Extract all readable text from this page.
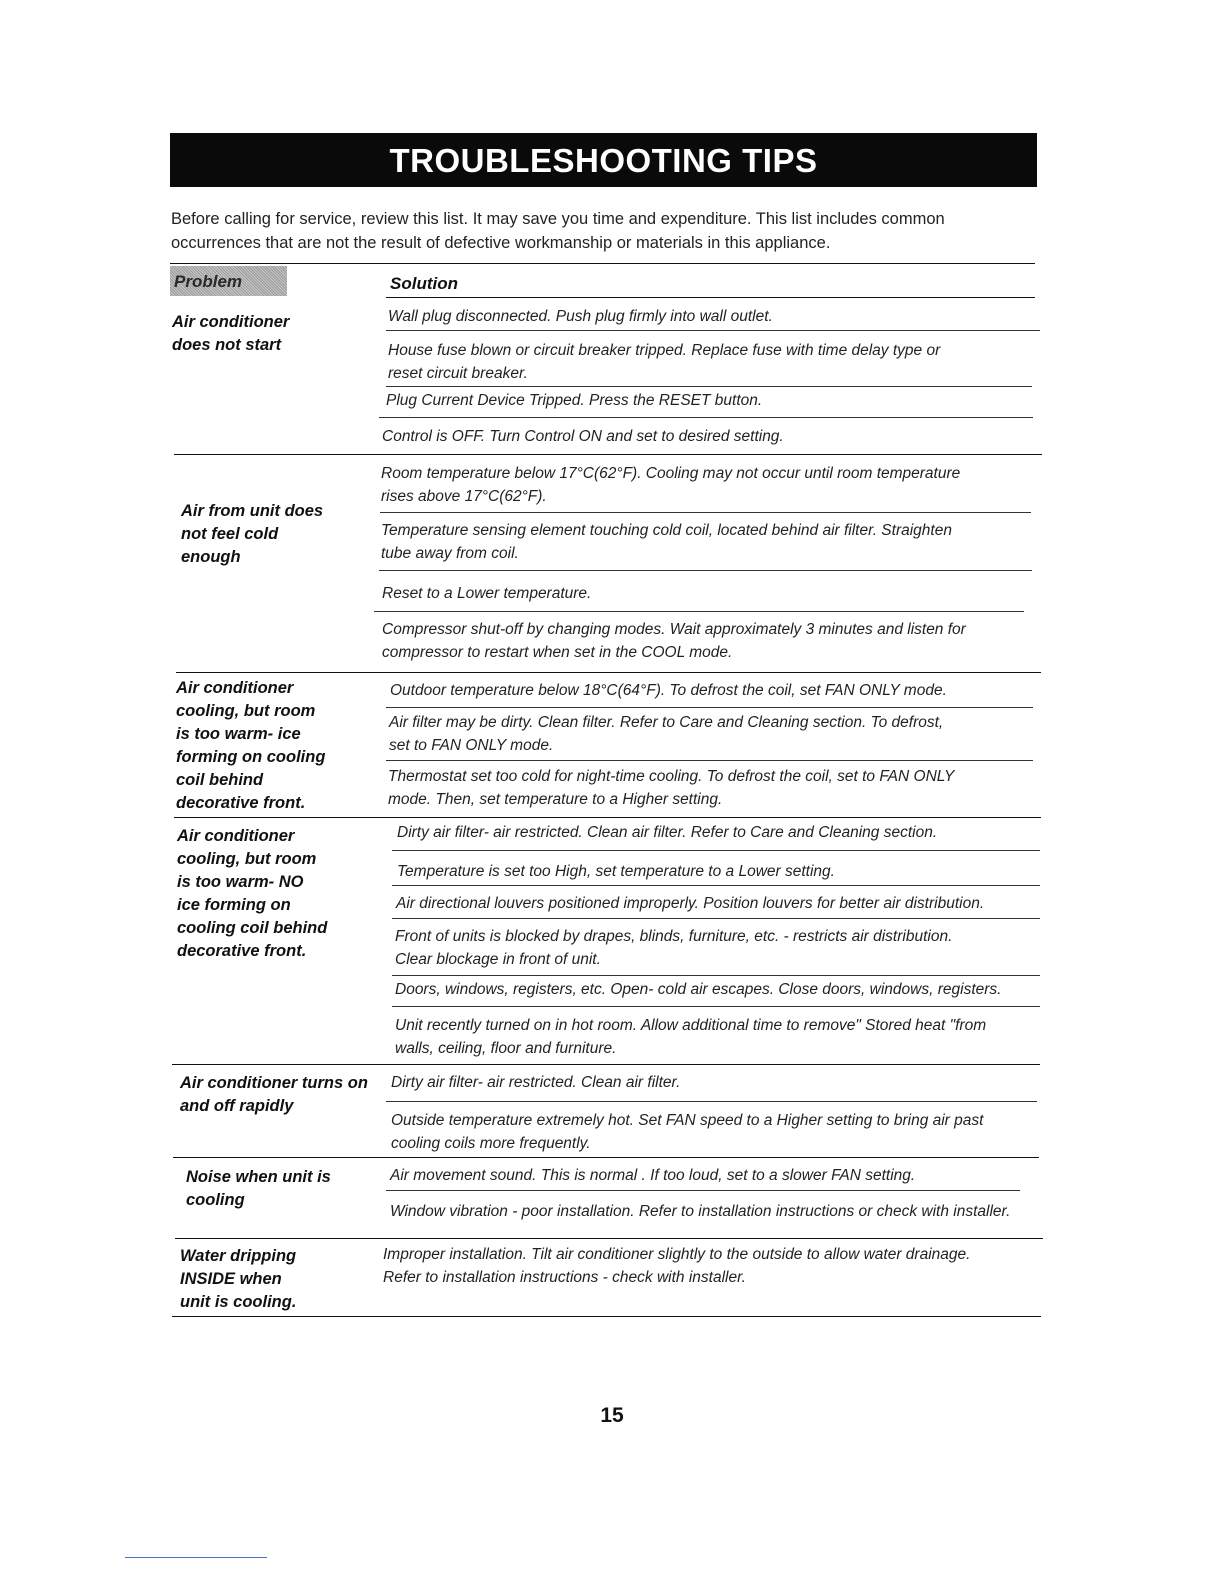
TROUBLESHOOTING TIPS
Before calling for service, review this list. It may save you time and expenditure. This list includes common
occurrences that are not the result of defective workmanship or materials in this appliance.
Problem	Solution
Air conditioner
does not start
Wall plug disconnected. Push plug firmly into wall outlet.
House fuse blown or circuit breaker tripped. Replace fuse with time delay type or
reset circuit breaker.
Plug Current Device Tripped. Press the RESET button.
Control is OFF. Turn Control ON and set to desired setting.
Air from unit does
not feel cold
enough
Room temperature below 17°C(62°F). Cooling may not occur until room temperature
rises above 17°C(62°F).
Temperature sensing element touching cold coil, located behind air filter. Straighten
tube away from coil.
Reset to a Lower temperature.
Compressor shut-off by changing modes. Wait approximately 3 minutes and listen for
compressor to restart when set in the COOL mode.
Air conditioner
cooling, but room
is too warm- ice
forming on cooling
coil behind
decorative front.
Outdoor temperature below 18°C(64°F). To defrost the coil, set FAN ONLY mode.
Air filter may be dirty. Clean filter. Refer to Care and Cleaning section. To defrost,
set to FAN ONLY mode.
Thermostat set too cold for night-time cooling. To defrost the coil, set to FAN ONLY
mode. Then, set temperature to a Higher setting.
Air conditioner
cooling, but room
is too warm- NO
ice forming on
cooling coil behind
decorative front.
Dirty air filter- air restricted. Clean air filter. Refer to Care and Cleaning section.
Temperature is set too High, set temperature to a Lower setting.
Air directional louvers positioned improperly. Position louvers for better air distribution.
Front of units is blocked by drapes, blinds, furniture, etc. - restricts air distribution.
Clear blockage in front of unit.
Doors, windows, registers, etc. Open- cold air escapes. Close doors, windows, registers.
Unit recently turned on in hot room. Allow additional time to remove" Stored heat "from
walls, ceiling, floor and furniture.
Air conditioner turns on
and off rapidly
Dirty air filter- air restricted. Clean air filter.
Outside temperature extremely hot. Set FAN speed to a Higher setting to bring air past
cooling coils more frequently.
Noise when unit is
cooling
Air movement sound. This is normal . If too loud, set to a slower FAN setting.
Window vibration - poor installation. Refer to installation instructions or check with installer.
Water dripping
INSIDE when
unit is cooling.
Improper installation. Tilt air conditioner slightly to the outside to allow water drainage.
Refer to installation instructions - check with installer.
15
